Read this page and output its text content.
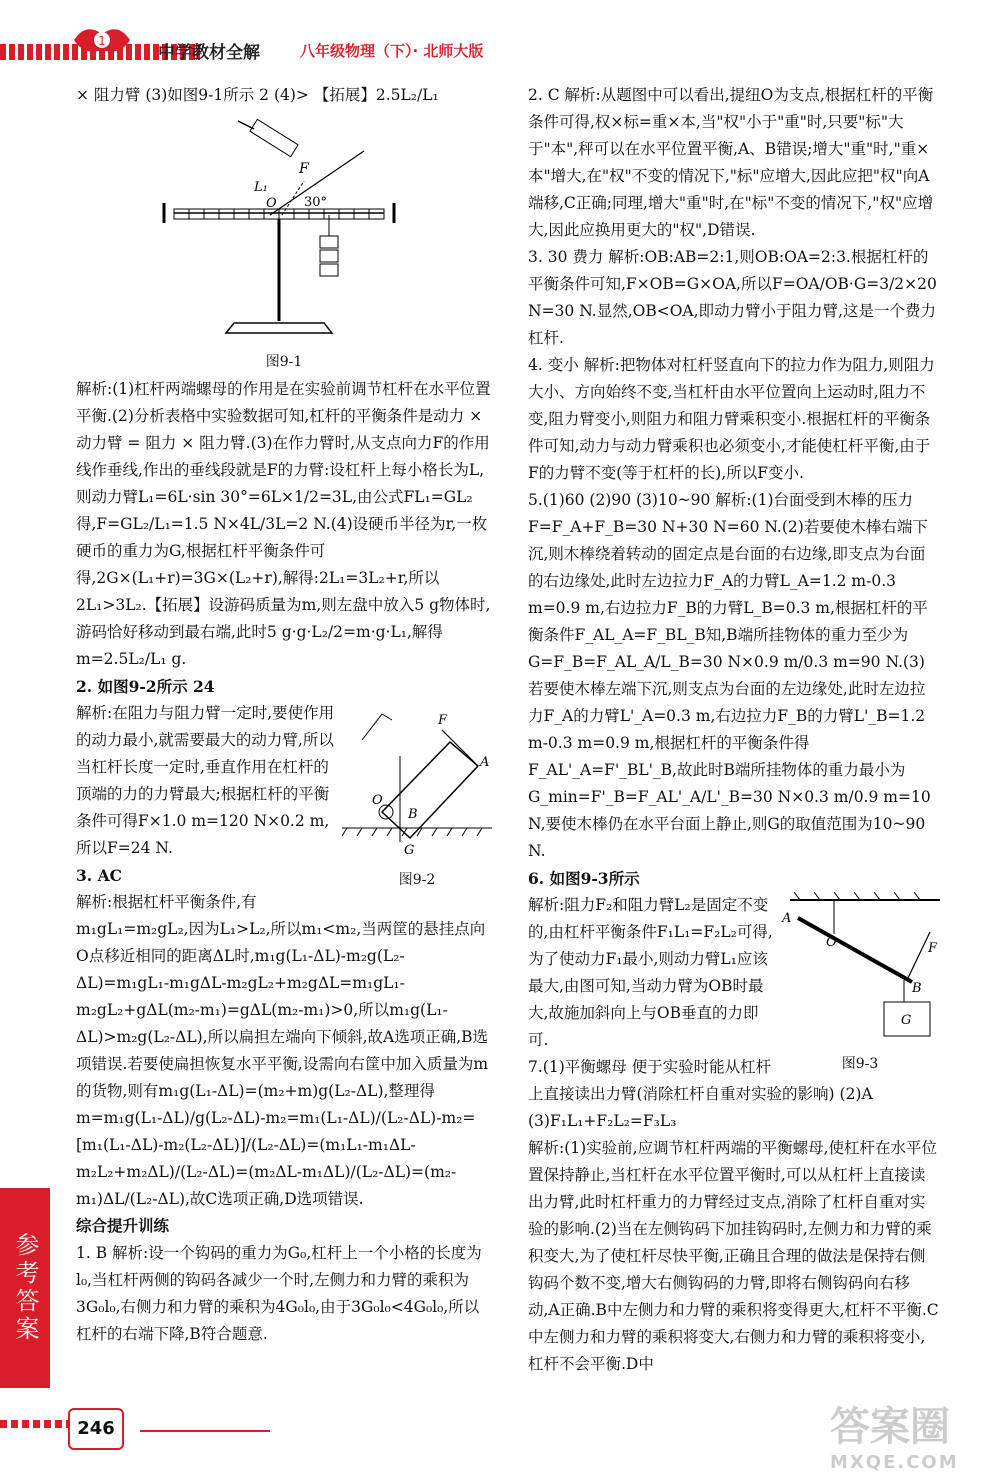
1
中学教材全解	八年级物理（下）· 北师大版

× 阻力臂 (3)如图9-1所示 2 (4)> 【拓展】2.5L₂/L₁

F
L₁
O 30°
图9-1

解析:(1)杠杆两端螺母的作用是在实验前调节杠杆在水平位置平衡.(2)分析表格中实验数据可知,杠杆的平衡条件是动力 × 动力臂 = 阻力 × 阻力臂.(3)在作力臂时,从支点向力F的作用线作垂线,作出的垂线段就是F的力臂:设杠杆上每小格长为L,则动力臂L₁=6L·sin 30°=6L×1/2=3L,由公式FL₁=GL₂得,F=GL₂/L₁=1.5 N×4L/3L=2 N.(4)设硬币半径为r,一枚硬币的重力为G,根据杠杆平衡条件可得,2G×(L₁+r)=3G×(L₂+r),解得:2L₁=3L₂+r,所以2L₁>3L₂.【拓展】设游码质量为m,则左盘中放入5 g物体时,游码恰好移动到最右端,此时5 g·g·L₂/2=m·g·L₁,解得m=2.5L₂/L₁ g.

2. 如图9-2所示 24

F
A
O
B
G
图9-2

解析:在阻力与阻力臂一定时,要使作用的动力最小,就需要最大的动力臂,所以当杠杆长度一定时,垂直作用在杠杆的顶端的力的力臂最大;根据杠杆的平衡条件可得F×1.0 m=120 N×0.2 m,所以F=24 N.

3. AC

解析:根据杠杆平衡条件,有m₁gL₁=m₂gL₂,因为L₁>L₂,所以m₁<m₂,当两筐的悬挂点向O点移近相同的距离ΔL时,m₁g(L₁-ΔL)-m₂g(L₂-ΔL)=m₁gL₁-m₁gΔL-m₂gL₂+m₂gΔL=m₁gL₁-m₂gL₂+gΔL(m₂-m₁)=gΔL(m₂-m₁)>0,所以m₁g(L₁-ΔL)>m₂g(L₂-ΔL),所以扁担左端向下倾斜,故A选项正确,B选项错误.若要使扁担恢复水平平衡,设需向右筐中加入质量为m的货物,则有m₁g(L₁-ΔL)=(m₂+m)g(L₂-ΔL),整理得m=m₁g(L₁-ΔL)/g(L₂-ΔL)-m₂=m₁(L₁-ΔL)/(L₂-ΔL)-m₂=[m₁(L₁-ΔL)-m₂(L₂-ΔL)]/(L₂-ΔL)=(m₁L₁-m₁ΔL-m₂L₂+m₂ΔL)/(L₂-ΔL)=(m₂ΔL-m₁ΔL)/(L₂-ΔL)=(m₂-m₁)ΔL/(L₂-ΔL),故C选项正确,D选项错误.

综合提升训练

1. B 解析:设一个钩码的重力为G₀,杠杆上一个小格的长度为l₀,当杠杆两侧的钩码各减少一个时,左侧力和力臂的乘积为3G₀l₀,右侧力和力臂的乘积为4G₀l₀,由于3G₀l₀<4G₀l₀,所以杠杆的右端下降,B符合题意.

2. C 解析:从题图中可以看出,提纽O为支点,根据杠杆的平衡条件可得,权×标=重×本,当"权"小于"重"时,只要"标"大于"本",秤可以在水平位置平衡,A、B错误;增大"重"时,"重×本"增大,在"权"不变的情况下,"标"应增大,因此应把"权"向A端移,C正确;同理,增大"重"时,在"标"不变的情况下,"权"应增大,因此应换用更大的"权",D错误.

3. 30 费力 解析:OB:AB=2:1,则OB:OA=2:3.根据杠杆的平衡条件可知,F×OB=G×OA,所以F=OA/OB·G=3/2×20 N=30 N.显然,OB<OA,即动力臂小于阻力臂,这是一个费力杠杆.

4. 变小 解析:把物体对杠杆竖直向下的拉力作为阻力,则阻力大小、方向始终不变,当杠杆由水平位置向上运动时,阻力不变,阻力臂变小,则阻力和阻力臂乘积变小.根据杠杆的平衡条件可知,动力与动力臂乘积也必须变小,才能使杠杆平衡,由于F的力臂不变(等于杠杆的长),所以F变小.

5.(1)60 (2)90 (3)10~90 解析:(1)台面受到木棒的压力F=F_A+F_B=30 N+30 N=60 N.(2)若要使木棒右端下沉,则木棒绕着转动的固定点是台面的右边缘,即支点为台面的右边缘处,此时左边拉力F_A的力臂L_A=1.2 m-0.3 m=0.9 m,右边拉力F_B的力臂L_B=0.3 m,根据杠杆的平衡条件F_AL_A=F_BL_B知,B端所挂物体的重力至少为G=F_B=F_AL_A/L_B=30 N×0.9 m/0.3 m=90 N.(3)若要使木棒左端下沉,则支点为台面的左边缘处,此时左边拉力F_A的力臂L'_A=0.3 m,右边拉力F_B的力臂L'_B=1.2 m-0.3 m=0.9 m,根据杠杆的平衡条件得F_AL'_A=F'_BL'_B,故此时B端所挂物体的重力最小为G_min=F'_B=F_AL'_A/L'_B=30 N×0.3 m/0.9 m=10 N,要使木棒仍在水平台面上静止,则G的取值范围为10~90 N.

6. 如图9-3所示

A
O	F
B
G
图9-3

解析:阻力F₂和阻力臂L₂是固定不变的,由杠杆平衡条件F₁L₁=F₂L₂可得,为了使动力F₁最小,则动力臂L₁应该最大,由图可知,当动力臂为OB时最大,故施加斜向上与OB垂直的力即可.

7.(1)平衡螺母 便于实验时能从杠杆上直接读出力臂(消除杠杆自重对实验的影响) (2)A (3)F₁L₁+F₂L₂=F₃L₃

解析:(1)实验前,应调节杠杆两端的平衡螺母,使杠杆在水平位置保持静止,当杠杆在水平位置平衡时,可以从杠杆上直接读出力臂,此时杠杆重力的力臂经过支点,消除了杠杆自重对实验的影响.(2)当在左侧钩码下加挂钩码时,左侧力和力臂的乘积变大,为了使杠杆尽快平衡,正确且合理的做法是保持右侧钩码个数不变,增大右侧钩码的力臂,即将右侧钩码向右移动,A正确.B中左侧力和力臂的乘积将变得更大,杠杆不平衡.C中左侧力和力臂的乘积将变大,右侧力和力臂的乘积将变小,杠杆不会平衡.D中

参考答案
246	答案圈
MXQE.COM
